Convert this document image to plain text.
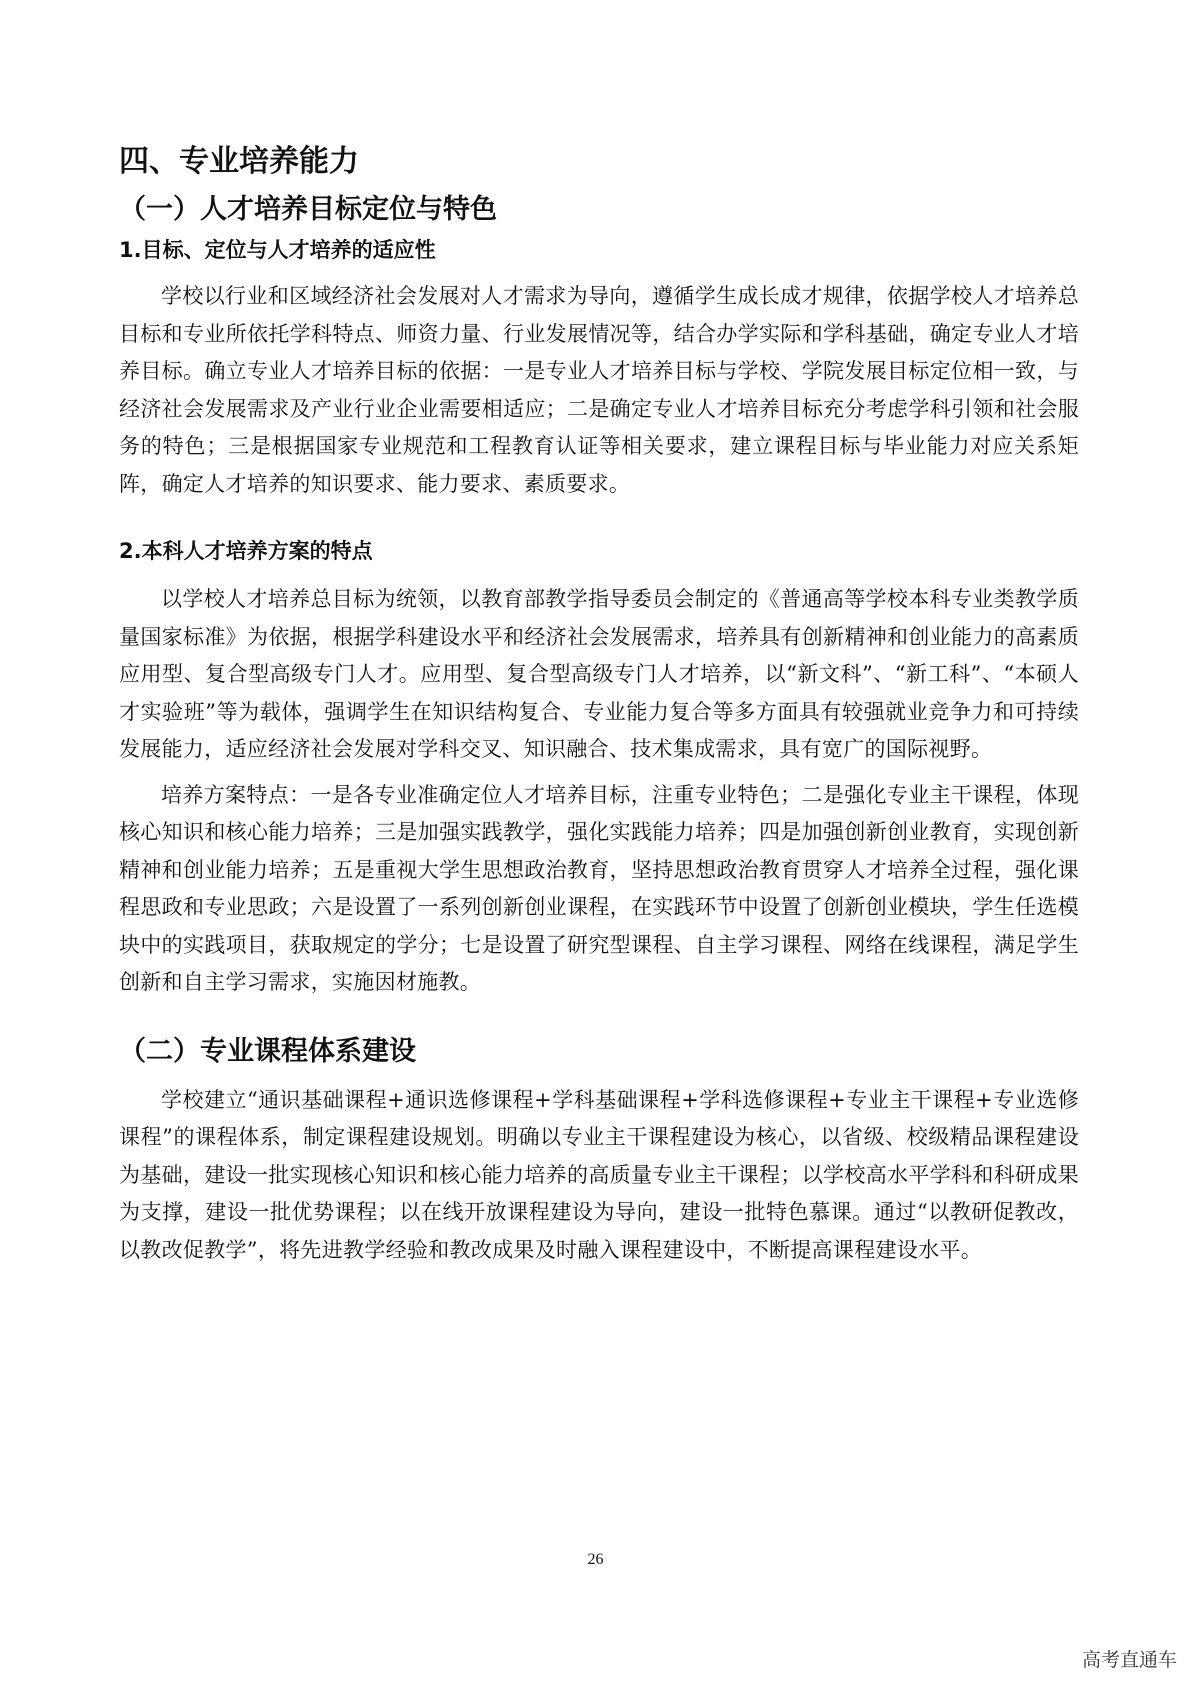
四、专业培养能力
（一）人才培养目标定位与特色
1.目标、定位与人才培养的适应性

学校以行业和区域经济社会发展对人才需求为导向，遵循学生成长成才规律，依据学校人才培养总目标和专业所依托学科特点、师资力量、行业发展情况等，结合办学实际和学科基础，确定专业人才培养目标。确立专业人才培养目标的依据：一是专业人才培养目标与学校、学院发展目标定位相一致，与经济社会发展需求及产业行业企业需要相适应；二是确定专业人才培养目标充分考虑学科引领和社会服务的特色；三是根据国家专业规范和工程教育认证等相关要求，建立课程目标与毕业能力对应关系矩阵，确定人才培养的知识要求、能力要求、素质要求。

2.本科人才培养方案的特点

以学校人才培养总目标为统领，以教育部教学指导委员会制定的《普通高等学校本科专业类教学质量国家标准》为依据，根据学科建设水平和经济社会发展需求，培养具有创新精神和创业能力的高素质应用型、复合型高级专门人才。应用型、复合型高级专门人才培养，以“新文科”、“新工科”、“本硕人才实验班”等为载体，强调学生在知识结构复合、专业能力复合等多方面具有较强就业竞争力和可持续发展能力，适应经济社会发展对学科交叉、知识融合、技术集成需求，具有宽广的国际视野。

培养方案特点：一是各专业准确定位人才培养目标，注重专业特色；二是强化专业主干课程，体现核心知识和核心能力培养；三是加强实践教学，强化实践能力培养；四是加强创新创业教育，实现创新精神和创业能力培养；五是重视大学生思想政治教育，坚持思想政治教育贯穿人才培养全过程，强化课程思政和专业思政；六是设置了一系列创新创业课程，在实践环节中设置了创新创业模块，学生任选模块中的实践项目，获取规定的学分；七是设置了研究型课程、自主学习课程、网络在线课程，满足学生创新和自主学习需求，实施因材施教。

（二）专业课程体系建设

学校建立“通识基础课程+通识选修课程+学科基础课程+学科选修课程+专业主干课程+专业选修课程”的课程体系，制定课程建设规划。明确以专业主干课程建设为核心，以省级、校级精品课程建设为基础，建设一批实现核心知识和核心能力培养的高质量专业主干课程；以学校高水平学科和科研成果为支撑，建设一批优势课程；以在线开放课程建设为导向，建设一批特色慕课。通过“以教研促教改，以教改促教学”，将先进教学经验和教改成果及时融入课程建设中，不断提高课程建设水平。

26
高考直通车
